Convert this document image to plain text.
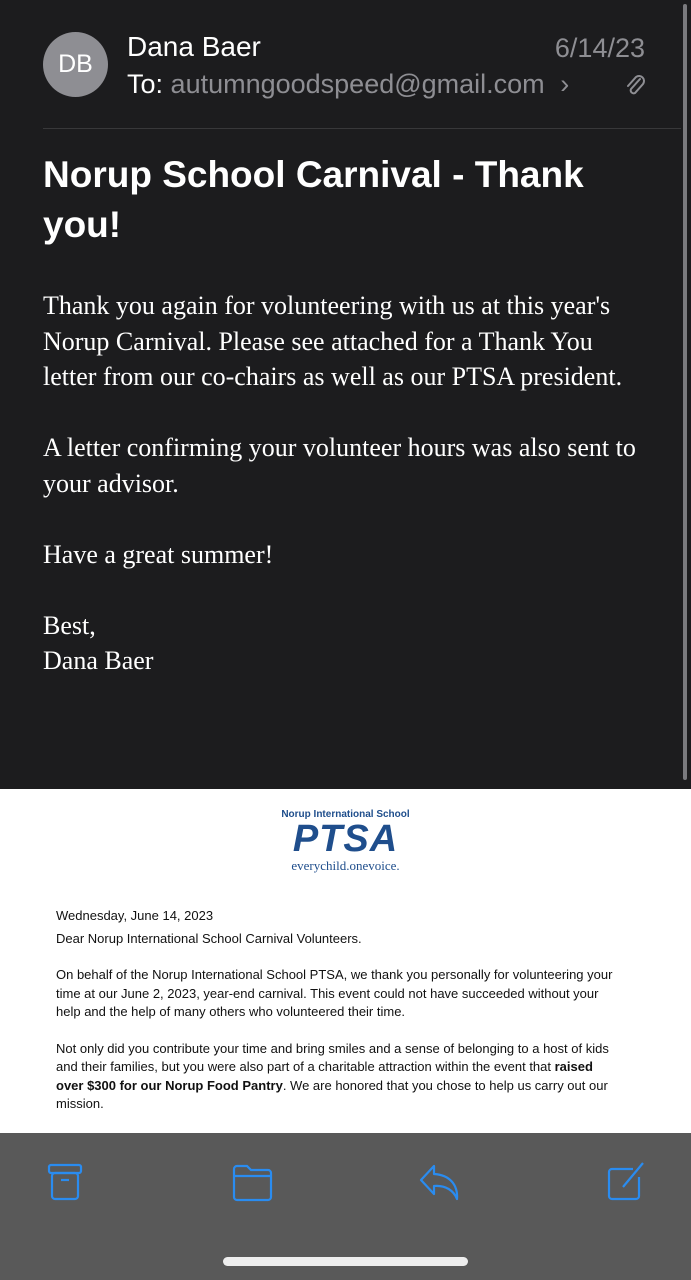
DB
Dana Baer	6/14/23
To: autumngoodspeed@gmail.com ›
Norup School Carnival - Thank you!

Thank you again for volunteering with us at this year's Norup Carnival. Please see attached for a Thank You letter from our co-chairs as well as our PTSA president.

A letter confirming your volunteer hours was also sent to your advisor.

Have a great summer!

Best,
Dana Baer
Norup International School
PTSA
everychild.onevoice.

Wednesday, June 14, 2023

Dear Norup International School Carnival Volunteers.

On behalf of the Norup International School PTSA, we thank you personally for volunteering your time at our June 2, 2023, year-end carnival. This event could not have succeeded without your help and the help of many others who volunteered their time.

Not only did you contribute your time and bring smiles and a sense of belonging to a host of kids and their families, but you were also part of a charitable attraction within the event that raised over $300 for our Norup Food Pantry. We are honored that you chose to help us carry out our mission.
